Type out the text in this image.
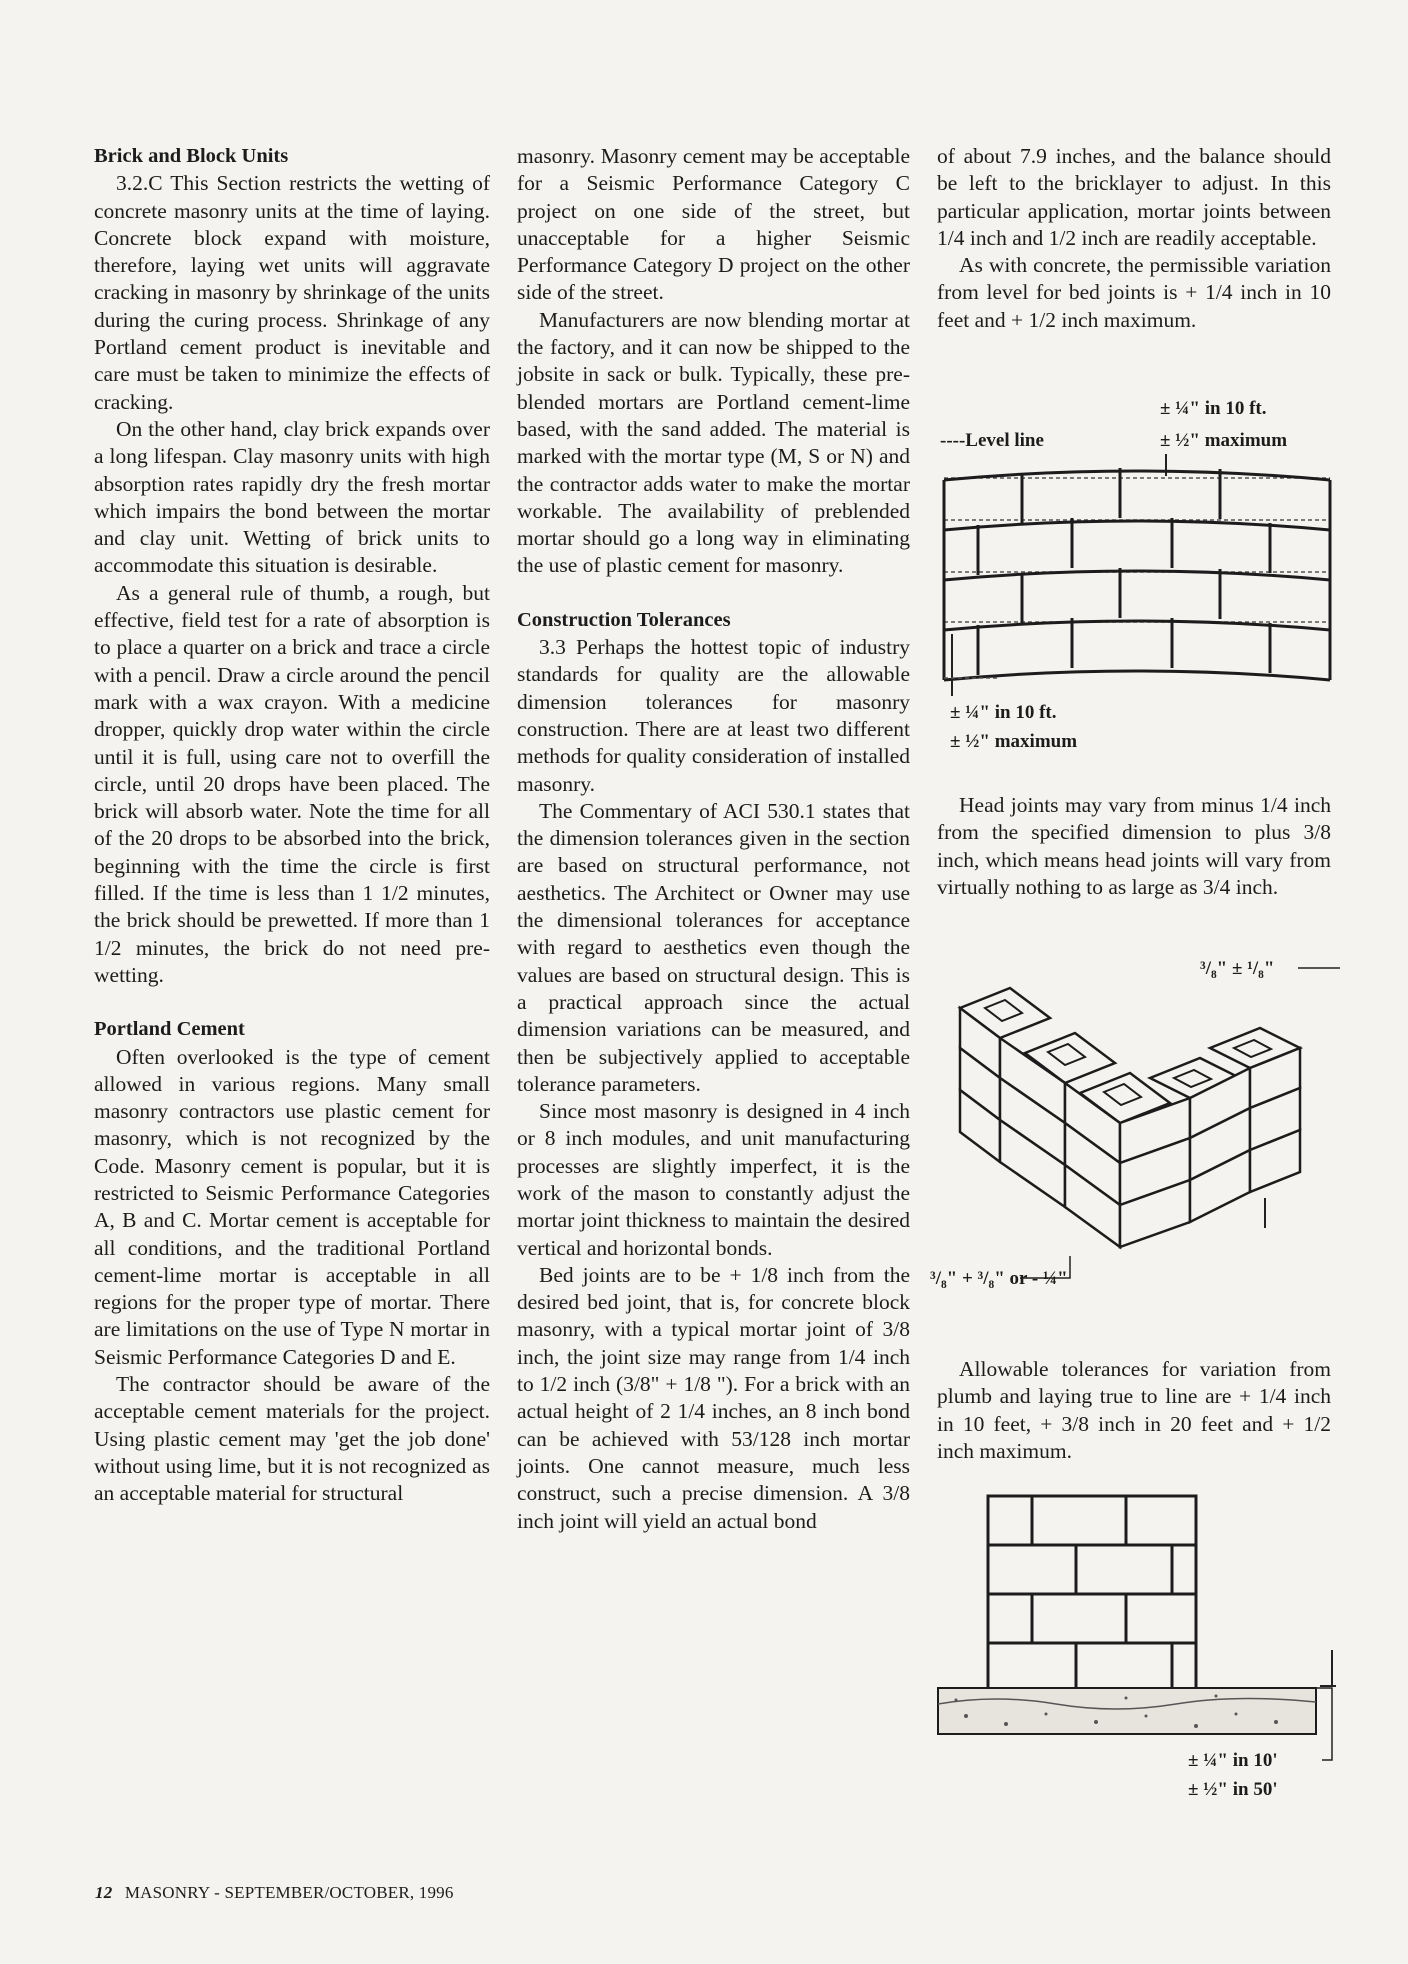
Brick and Block Units

3.2.C This Section restricts the wetting of concrete masonry units at the time of laying. Concrete block expand with moisture, therefore, laying wet units will aggravate cracking in masonry by shrinkage of the units during the curing process. Shrinkage of any Portland cement product is inevitable and care must be taken to minimize the effects of cracking.

On the other hand, clay brick expands over a long lifespan. Clay masonry units with high absorption rates rapidly dry the fresh mortar which impairs the bond between the mortar and clay unit. Wetting of brick units to accommodate this situation is desirable.

As a general rule of thumb, a rough, but effective, field test for a rate of absorption is to place a quarter on a brick and trace a circle with a pencil. Draw a circle around the pencil mark with a wax crayon. With a medicine dropper, quickly drop water within the circle until it is full, using care not to overfill the circle, until 20 drops have been placed. The brick will absorb water. Note the time for all of the 20 drops to be absorbed into the brick, beginning with the time the circle is first filled. If the time is less than 1 1/2 minutes, the brick should be prewetted. If more than 1 1/2 minutes, the brick do not need pre-wetting.

Portland Cement

Often overlooked is the type of cement allowed in various regions. Many small masonry contractors use plastic cement for masonry, which is not recognized by the Code. Masonry cement is popular, but it is restricted to Seismic Performance Categories A, B and C. Mortar cement is acceptable for all conditions, and the traditional Portland cement-lime mortar is acceptable in all regions for the proper type of mortar. There are limitations on the use of Type N mortar in Seismic Performance Categories D and E.

The contractor should be aware of the acceptable cement materials for the project. Using plastic cement may 'get the job done' without using lime, but it is not recognized as an acceptable material for structural

masonry. Masonry cement may be acceptable for a Seismic Performance Category C project on one side of the street, but unacceptable for a higher Seismic Performance Category D project on the other side of the street.

Manufacturers are now blending mortar at the factory, and it can now be shipped to the jobsite in sack or bulk. Typically, these pre-blended mortars are Portland cement-lime based, with the sand added. The material is marked with the mortar type (M, S or N) and the contractor adds water to make the mortar workable. The availability of preblended mortar should go a long way in eliminating the use of plastic cement for masonry.

Construction Tolerances

3.3 Perhaps the hottest topic of industry standards for quality are the allowable dimension tolerances for masonry construction. There are at least two different methods for quality consideration of installed masonry.

The Commentary of ACI 530.1 states that the dimension tolerances given in the section are based on structural performance, not aesthetics. The Architect or Owner may use the dimensional tolerances for acceptance with regard to aesthetics even though the values are based on structural design. This is a practical approach since the actual dimension variations can be measured, and then be subjectively applied to acceptable tolerance parameters.

Since most masonry is designed in 4 inch or 8 inch modules, and unit manufacturing processes are slightly imperfect, it is the work of the mason to constantly adjust the mortar joint thickness to maintain the desired vertical and horizontal bonds.

Bed joints are to be + 1/8 inch from the desired bed joint, that is, for concrete block masonry, with a typical mortar joint of 3/8 inch, the joint size may range from 1/4 inch to 1/2 inch (3/8" + 1/8 "). For a brick with an actual height of 2 1/4 inches, an 8 inch bond can be achieved with 53/128 inch mortar joints. One cannot measure, much less construct, such a precise dimension. A 3/8 inch joint will yield an actual bond

of about 7.9 inches, and the balance should be left to the bricklayer to adjust. In this particular application, mortar joints between 1/4 inch and 1/2 inch are readily acceptable.

As with concrete, the permissible variation from level for bed joints is + 1/4 inch in 10 feet and + 1/2 inch maximum.

Head joints may vary from minus 1/4 inch from the specified dimension to plus 3/8 inch, which means head joints will vary from virtually nothing to as large as 3/4 inch.

Allowable tolerances for variation from plumb and laying true to line are + 1/4 inch in 10 feet, + 3/8 inch in 20 feet and + 1/2 inch maximum.

± ¼" in 10 ft.
----Level line	± ½" maximum
± ¼" in 10 ft.
± ½" maximum
³/₈" ± ¹/₈"
³/₈" + ³/₈" or - ¼"
± ¼" in 10'
± ½" in 50'
12 MASONRY - SEPTEMBER/OCTOBER, 1996
